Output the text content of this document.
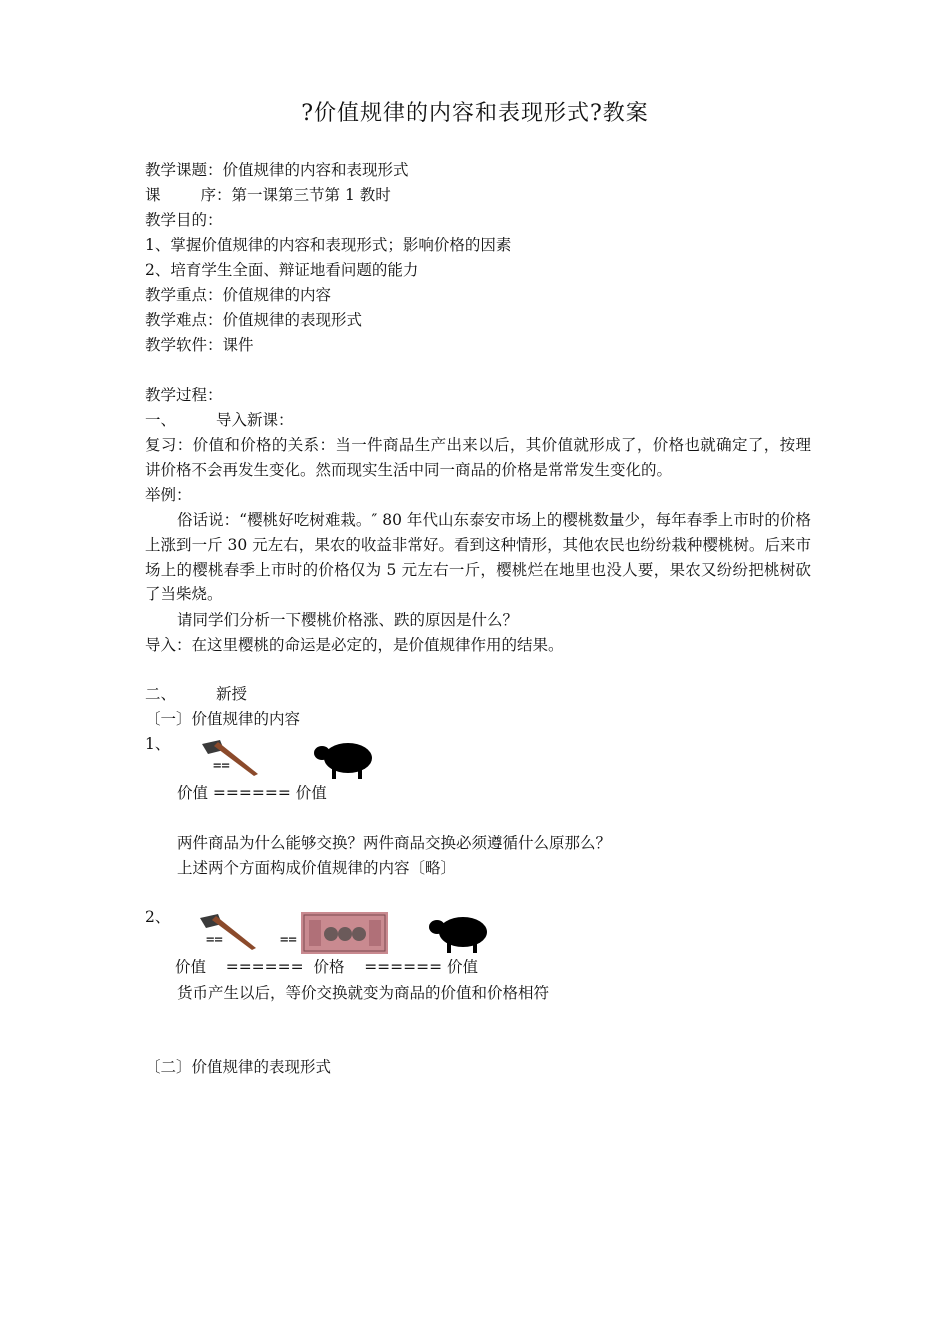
?价值规律的内容和表现形式?教案
教学课题：价值规律的内容和表现形式
课	序：第一课第三节第 1 教时
教学目的：
1、掌握价值规律的内容和表现形式；影响价格的因素
2、培育学生全面、辩证地看问题的能力
教学重点：价值规律的内容
教学难点：价值规律的表现形式
教学软件：课件
教学过程：
一、	导入新课：
复习：价值和价格的关系：当一件商品生产出来以后，其价值就形成了，价格也就确定了，按理讲价格不会再发生变化。然而现实生活中同一商品的价格是常常发生变化的。
举例：
俗话说：“樱桃好吃树难栽。″ 80 年代山东泰安市场上的樱桃数量少，每年春季上市时的价格上涨到一斤 30 元左右，果农的收益非常好。看到这种情形，其他农民也纷纷栽种樱桃树。后来市场上的樱桃春季上市时的价格仅为 5 元左右一斤，樱桃烂在地里也没人要，果农又纷纷把桃树砍了当柴烧。
请同学们分析一下樱桃价格涨、跌的原因是什么？
导入：在这里樱桃的命运是必定的，是价值规律作用的结果。
二、	新授
〔一〕价值规律的内容
1、
==
价值 ====== 价值
两件商品为什么能够交换？两件商品交换必须遵循什么原那么？
上述两个方面构成价值规律的内容〔略〕
2、
==	==
价值    ======  价格    ====== 价值
货币产生以后，等价交换就变为商品的价值和价格相符
〔二〕价值规律的表现形式
